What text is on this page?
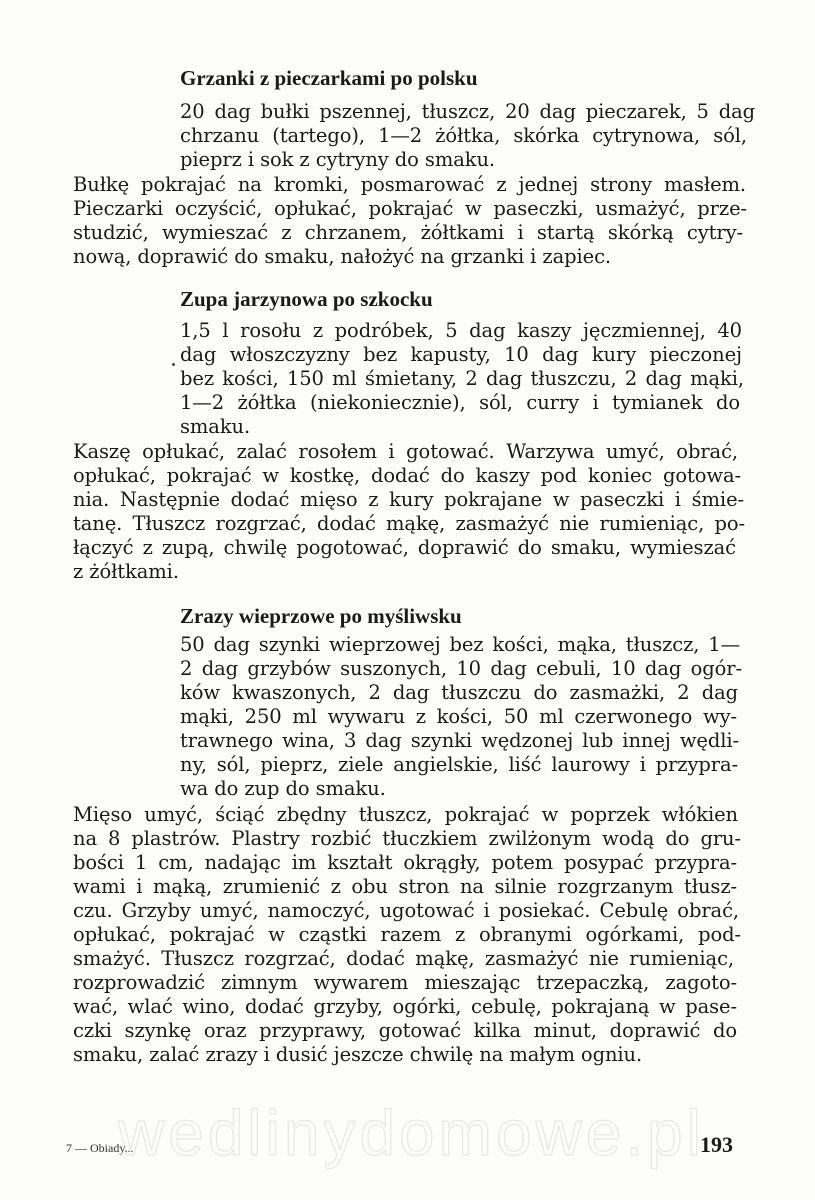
wedlinydomowe.pl
Grzanki z pieczarkami po polsku
20 dag bułki pszennej, tłuszcz, 20 dag pieczarek, 5 dag
chrzanu (tartego), 1—2 żółtka, skórka cytrynowa, sól,
pieprz i sok z cytryny do smaku.
Bułkę pokrajać na kromki, posmarować z jednej strony masłem.
Pieczarki oczyścić, opłukać, pokrajać w paseczki, usmażyć, prze-
studzić, wymieszać z chrzanem, żółtkami i startą skórką cytry-
nową, doprawić do smaku, nałożyć na grzanki i zapiec.
Zupa jarzynowa po szkocku
1,5 l rosołu z podróbek, 5 dag kaszy jęczmiennej, 40
dag włoszczyzny bez kapusty, 10 dag kury pieczonej
bez kości, 150 ml śmietany, 2 dag tłuszczu, 2 dag mąki,
1—2 żółtka (niekoniecznie), sól, curry i tymianek do
smaku.
Kaszę opłukać, zalać rosołem i gotować. Warzywa umyć, obrać,
opłukać, pokrajać w kostkę, dodać do kaszy pod koniec gotowa-
nia. Następnie dodać mięso z kury pokrajane w paseczki i śmie-
tanę. Tłuszcz rozgrzać, dodać mąkę, zasmażyć nie rumieniąc, po-
łączyć z zupą, chwilę pogotować, doprawić do smaku, wymieszać
z żółtkami.
Zrazy wieprzowe po myśliwsku
50 dag szynki wieprzowej bez kości, mąka, tłuszcz, 1—
2 dag grzybów suszonych, 10 dag cebuli, 10 dag ogór-
ków kwaszonych, 2 dag tłuszczu do zasmażki, 2 dag
mąki, 250 ml wywaru z kości, 50 ml czerwonego wy-
trawnego wina, 3 dag szynki wędzonej lub innej wędli-
ny, sól, pieprz, ziele angielskie, liść laurowy i przypra-
wa do zup do smaku.
Mięso umyć, ściąć zbędny tłuszcz, pokrajać w poprzek włókien
na 8 plastrów. Plastry rozbić tłuczkiem zwilżonym wodą do gru-
bości 1 cm, nadając im kształt okrągły, potem posypać przypra-
wami i mąką, zrumienić z obu stron na silnie rozgrzanym tłusz-
czu. Grzyby umyć, namoczyć, ugotować i posiekać. Cebulę obrać,
opłukać, pokrajać w cząstki razem z obranymi ogórkami, pod-
smażyć. Tłuszcz rozgrzać, dodać mąkę, zasmażyć nie rumieniąc,
rozprowadzić zimnym wywarem mieszając trzepaczką, zagoto-
wać, wlać wino, dodać grzyby, ogórki, cebulę, pokrajaną w pase-
czki szynkę oraz przyprawy, gotować kilka minut, doprawić do
smaku, zalać zrazy i dusić jeszcze chwilę na małym ogniu.
7 — Obiady...	193
